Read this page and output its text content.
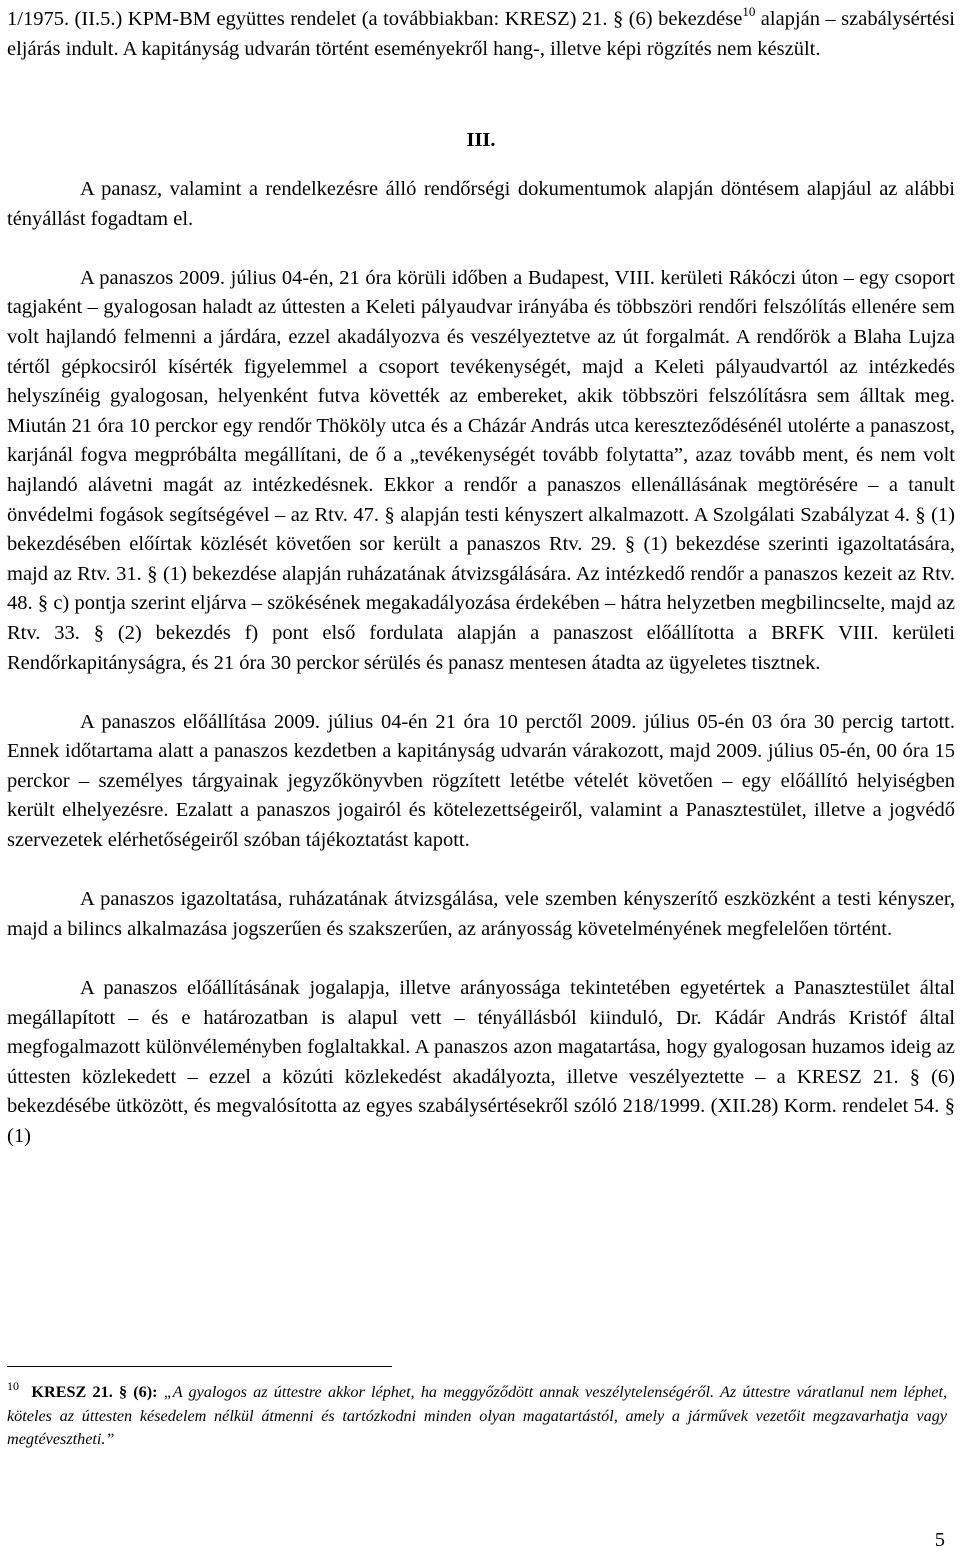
1/1975. (II.5.) KPM-BM együttes rendelet (a továbbiakban: KRESZ) 21. § (6) bekezdése$^{10}$ alapján – szabálysértési eljárás indult. A kapitányság udvarán történt eseményekről hang-, illetve képi rögzítés nem készült.

III.

A panasz, valamint a rendelkezésre álló rendőrségi dokumentumok alapján döntésem alapjául az alábbi tényállást fogadtam el.

A panaszos 2009. július 04-én, 21 óra körüli időben a Budapest, VIII. kerületi Rákóczi úton – egy csoport tagjaként – gyalogosan haladt az úttesten a Keleti pályaudvar irányába és többszöri rendőri felszólítás ellenére sem volt hajlandó felmenni a járdára, ezzel akadályozva és veszélyeztetve az út forgalmát. A rendőrök a Blaha Lujza tértől gépkocsiról kísérték figyelemmel a csoport tevékenységét, majd a Keleti pályaudvartól az intézkedés helyszínéig gyalogosan, helyenként futva követték az embereket, akik többszöri felszólításra sem álltak meg. Miután 21 óra 10 perckor egy rendőr Thököly utca és a Cházár András utca kereszteződésénél utolérte a panaszost, karjánál fogva megpróbálta megállítani, de ő a „tevékenységét tovább folytatta”, azaz tovább ment, és nem volt hajlandó alávetni magát az intézkedésnek. Ekkor a rendőr a panaszos ellenállásának megtörésére – a tanult önvédelmi fogások segítségével – az Rtv. 47. § alapján testi kényszert alkalmazott. A Szolgálati Szabályzat 4. § (1) bekezdésében előírtak közlését követően sor került a panaszos Rtv. 29. § (1) bekezdése szerinti igazoltatására, majd az Rtv. 31. § (1) bekezdése alapján ruházatának átvizsgálására. Az intézkedő rendőr a panaszos kezeit az Rtv. 48. § c) pontja szerint eljárva – szökésének megakadályozása érdekében – hátra helyzetben megbilincselte, majd az Rtv. 33. § (2) bekezdés f) pont első fordulata alapján a panaszost előállította a BRFK VIII. kerületi Rendőrkapitányságra, és 21 óra 30 perckor sérülés és panasz mentesen átadta az ügyeletes tisztnek.

A panaszos előállítása 2009. július 04-én 21 óra 10 perctől 2009. július 05-én 03 óra 30 percig tartott. Ennek időtartama alatt a panaszos kezdetben a kapitányság udvarán várakozott, majd 2009. július 05-én, 00 óra 15 perckor – személyes tárgyainak jegyzőkönyvben rögzített letétbe vételét követően – egy előállító helyiségben került elhelyezésre. Ezalatt a panaszos jogairól és kötelezettségeiről, valamint a Panasztestület, illetve a jogvédő szervezetek elérhetőségeiről szóban tájékoztatást kapott.

A panaszos igazoltatása, ruházatának átvizsgálása, vele szemben kényszerítő eszközként a testi kényszer, majd a bilincs alkalmazása jogszerűen és szakszerűen, az arányosság követelményének megfelelően történt.

A panaszos előállításának jogalapja, illetve arányossága tekintetében egyetértek a Panasztestület által megállapított – és e határozatban is alapul vett – tényállásból kiinduló, Dr. Kádár András Kristóf által megfogalmazott különvéleményben foglaltakkal. A panaszos azon magatartása, hogy gyalogosan huzamos ideig az úttesten közlekedett – ezzel a közúti közlekedést akadályozta, illetve veszélyeztette – a KRESZ 21. § (6) bekezdésébe ütközött, és megvalósította az egyes szabálysértésekről szóló 218/1999. (XII.28) Korm. rendelet 54. § (1)

$^{10}$ KRESZ 21. § (6): „A gyalogos az úttestre akkor léphet, ha meggyőződött annak veszélytelenségéről. Az úttestre váratlanul nem léphet, köteles az úttesten késedelem nélkül átmenni és tartózkodni minden olyan magatartástól, amely a járművek vezetőit megzavarhatja vagy megtévesztheti.”

5
